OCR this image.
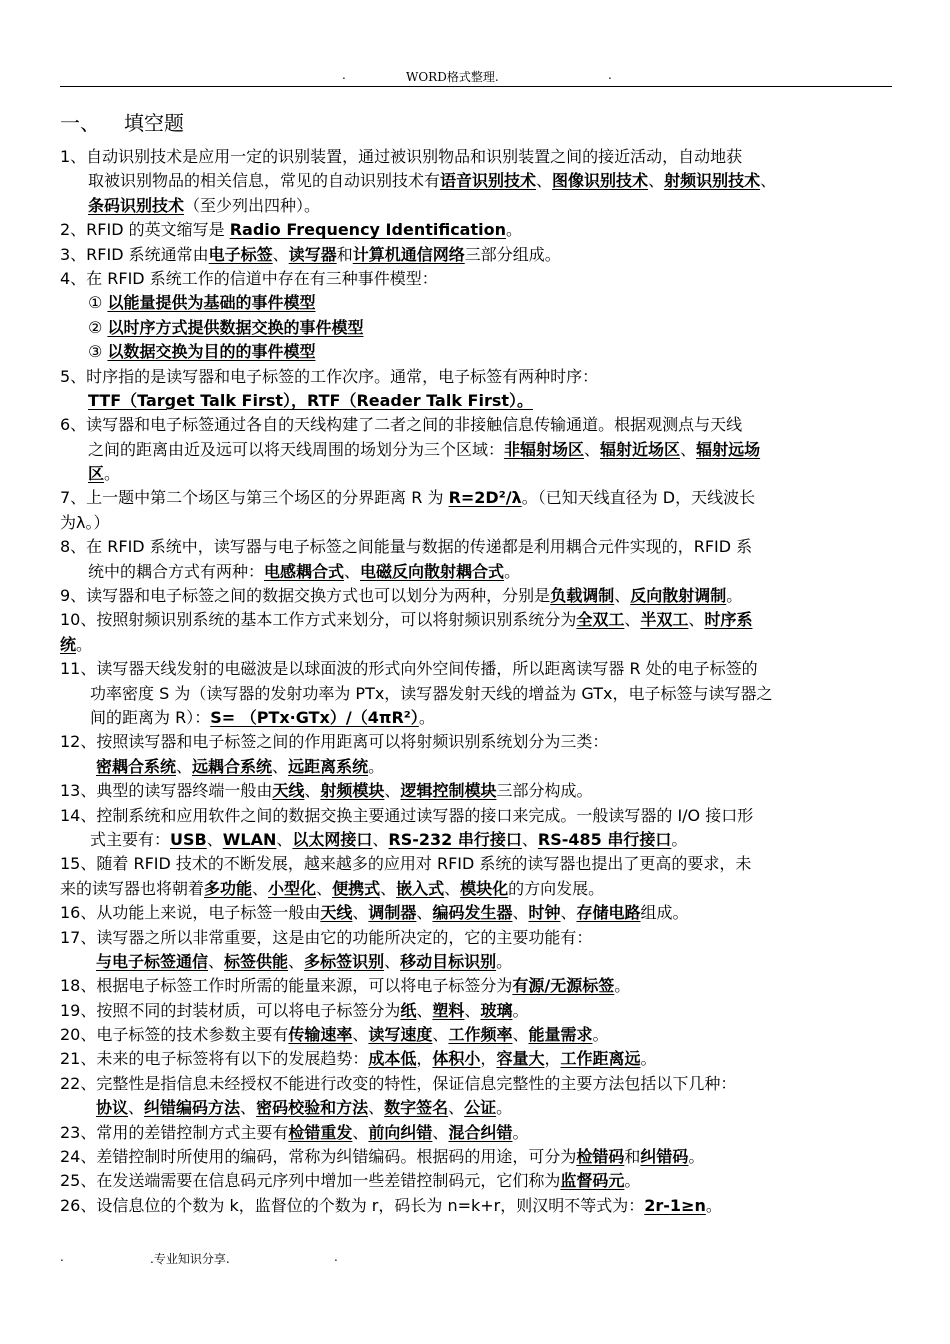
.	WORD格式整理.	.
一、 填空题
1、自动识别技术是应用一定的识别装置，通过被识别物品和识别装置之间的接近活动，自动地获
取被识别物品的相关信息，常见的自动识别技术有语音识别技术、图像识别技术、射频识别技术、
条码识别技术（至少列出四种）。
2、RFID 的英文缩写是 Radio Frequency Identification。
3、RFID 系统通常由电子标签、读写器和计算机通信网络三部分组成。
4、在 RFID 系统工作的信道中存在有三种事件模型：
① 以能量提供为基础的事件模型
② 以时序方式提供数据交换的事件模型
③ 以数据交换为目的的事件模型
5、时序指的是读写器和电子标签的工作次序。通常，电子标签有两种时序：
TTF（Target Talk First），RTF（Reader Talk First）。
6、读写器和电子标签通过各自的天线构建了二者之间的非接触信息传输通道。根据观测点与天线
之间的距离由近及远可以将天线周围的场划分为三个区域：非辐射场区、辐射近场区、辐射远场
区。
7、上一题中第二个场区与第三个场区的分界距离 R 为 R=2D²/λ。（已知天线直径为 D，天线波长
为λ。）
8、在 RFID 系统中，读写器与电子标签之间能量与数据的传递都是利用耦合元件实现的，RFID 系
统中的耦合方式有两种：电感耦合式、电磁反向散射耦合式。
9、读写器和电子标签之间的数据交换方式也可以划分为两种，分别是负载调制、反向散射调制。
10、按照射频识别系统的基本工作方式来划分，可以将射频识别系统分为全双工、半双工、时序系
统。
11、读写器天线发射的电磁波是以球面波的形式向外空间传播，所以距离读写器 R 处的电子标签的
功率密度 S 为（读写器的发射功率为 PTx，读写器发射天线的增益为 GTx，电子标签与读写器之
间的距离为 R）：S= （PTx·GTx）/（4πR²）。
12、按照读写器和电子标签之间的作用距离可以将射频识别系统划分为三类：
密耦合系统、远耦合系统、远距离系统。
13、典型的读写器终端一般由天线、射频模块、逻辑控制模块三部分构成。
14、控制系统和应用软件之间的数据交换主要通过读写器的接口来完成。一般读写器的 I/O 接口形
式主要有：USB、WLAN、以太网接口、RS-232 串行接口、RS-485 串行接口。
15、随着 RFID 技术的不断发展，越来越多的应用对 RFID 系统的读写器也提出了更高的要求，未
来的读写器也将朝着多功能、小型化、便携式、嵌入式、模块化的方向发展。
16、从功能上来说，电子标签一般由天线、调制器、编码发生器、时钟、存储电路组成。
17、读写器之所以非常重要，这是由它的功能所决定的，它的主要功能有：
与电子标签通信、标签供能、多标签识别、移动目标识别。
18、根据电子标签工作时所需的能量来源，可以将电子标签分为有源/无源标签。
19、按照不同的封装材质，可以将电子标签分为纸、塑料、玻璃。
20、电子标签的技术参数主要有传输速率、读写速度、工作频率、能量需求。
21、未来的电子标签将有以下的发展趋势：成本低，体积小，容量大，工作距离远。
22、完整性是指信息未经授权不能进行改变的特性，保证信息完整性的主要方法包括以下几种：
协议、纠错编码方法、密码校验和方法、数字签名、公证。
23、常用的差错控制方式主要有检错重发、前向纠错、混合纠错。
24、差错控制时所使用的编码，常称为纠错编码。根据码的用途，可分为检错码和纠错码。
25、在发送端需要在信息码元序列中增加一些差错控制码元，它们称为监督码元。
26、设信息位的个数为 k，监督位的个数为 r，码长为 n=k+r，则汉明不等式为：2r-1≥n。
.	.专业知识分享.	.
